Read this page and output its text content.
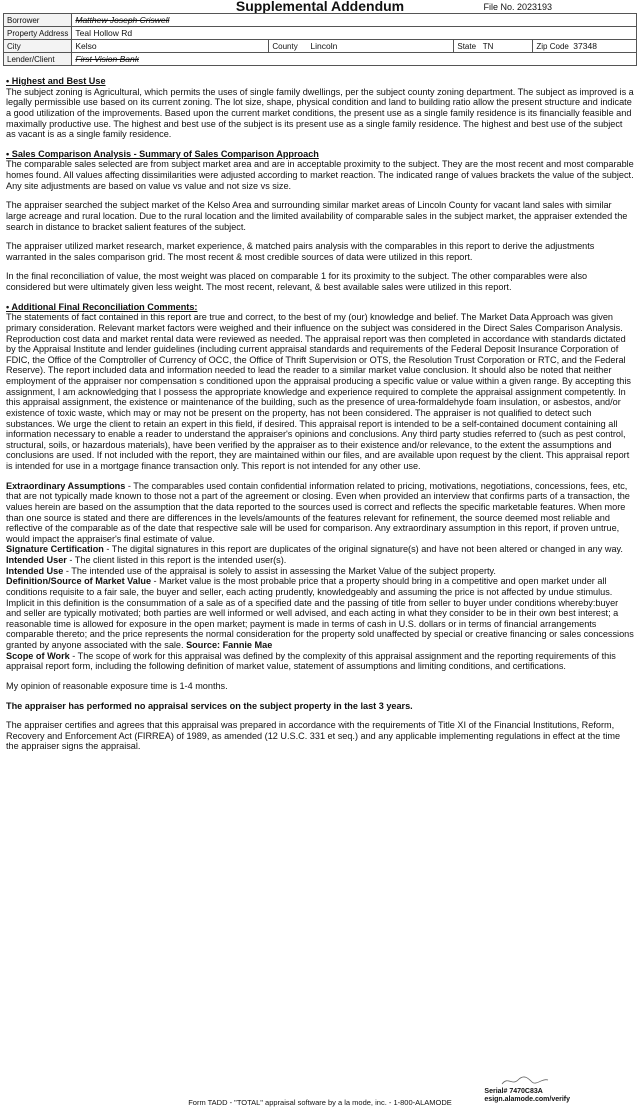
Supplemental Addendum	File No. 2023193
Borrower	Matthew Joseph Criswell				
Property Address	Teal Hollow Rd				
City	Kelso	County	Lincoln	State TN	Zip Code 37348
Lender/Client	First Vision Bank				

• Highest and Best Use
The subject zoning is Agricultural, which permits the uses of single family dwellings, per the subject county zoning department. The subject as improved is a legally permissible use based on its current zoning. The lot size, shape, physical condition and land to building ratio allow the present structure and indicate a good utilization of the improvements. Based upon the current market conditions, the present use as a single family residence is its financially feasible and maximally productive use. The highest and best use of the subject is its present use as a single family residence. The highest and best use of the subject as vacant is as a single family residence.

• Sales Comparison Analysis - Summary of Sales Comparison Approach
The comparable sales selected are from subject market area and are in acceptable proximity to the subject. They are the most recent and most comparable homes found. All values affecting dissimilarities were adjusted according to market reaction. The indicated range of values brackets the value of the subject. Any site adjustments are based on value vs value and not size vs size.

The appraiser searched the subject market of the Kelso Area and surrounding similar market areas of Lincoln County for vacant land sales with similar large acreage and rural location. Due to the rural location and the limited availability of comparable sales in the subject market, the appraiser extended the search in distance to bracket salient features of the subject.

The appraiser utilized market research, market experience, & matched pairs analysis with the comparables in this report to derive the adjustments warranted in the sales comparison grid. The most recent & most credible sources of data were utilized in this report.

In the final reconciliation of value, the most weight was placed on comparable 1 for its proximity to the subject. The other comparables were also considered but were ultimately given less weight. The most recent, relevant, & best available sales were utilized in this report.

• Additional Final Reconciliation Comments:
The statements of fact contained in this report are true and correct, to the best of my (our) knowledge and belief. The Market Data Approach was given primary consideration. Relevant market factors were weighed and their influence on the subject was considered in the Direct Sales Comparison Analysis. Reproduction cost data and market rental data were reviewed as needed. The appraisal report was then completed in accordance with standards dictated by the Appraisal Institute and lender guidelines (including current appraisal standards and requirements of the Federal Deposit Insurance Corporation of FDIC, the Office of the Comptroller of Currency of OCC, the Office of Thrift Supervision or OTS, the Resolution Trust Corporation or RTC, and the Federal Reserve). The report included data and information needed to lead the reader to a similar market value conclusion. It should also be noted that neither employment of the appraiser nor compensation s conditioned upon the appraisal producing a specific value or value within a given range. By accepting this assignment, I am acknowledging that I possess the appropriate knowledge and experience required to complete the appraisal assignment competently. In this appraisal assignment, the existence or maintenance of the building, such as the presence of urea-formaldehyde foam insulation, or asbestos, and/or existence of toxic waste, which may or may not be present on the property, has not been considered. The appraiser is not qualified to detect such substances. We urge the client to retain an expert in this field, if desired. This appraisal report is intended to be a self-contained document containing all information necessary to enable a reader to understand the appraiser's opinions and conclusions. Any third party studies referred to (such as pest control, structural, soils, or hazardous materials), have been verified by the appraiser as to their existence and/or relevance, to the extent the assumptions and conclusions are used. If not included with the report, they are maintained within our files, and are available upon request by the client. This appraisal report is intended for use in a mortgage finance transaction only. This report is not intended for any other use.

Extraordinary Assumptions - The comparables used contain confidential information related to pricing, motivations, negotiations, concessions, fees, etc, that are not typically made known to those not a part of the agreement or closing. Even when provided an interview that confirms parts of a transaction, the values herein are based on the assumption that the data reported to the sources used is correct and reflects the specific marketable features. When more than one source is stated and there are differences in the levels/amounts of the features relevant for refinement, the source deemed most reliable and reflective of the comparable as of the date that respective sale will be used for comparison. Any extraordinary assumption in this report, if proven untrue, would impact the appraiser's final estimate of value.
Signature Certification - The digital signatures in this report are duplicates of the original signature(s) and have not been altered or changed in any way.
Intended User - The client listed in this report is the intended user(s).
Intended Use - The intended use of the appraisal is solely to assist in assessing the Market Value of the subject property.
Definition/Source of Market Value - Market value is the most probable price that a property should bring in a competitive and open market under all conditions requisite to a fair sale, the buyer and seller, each acting prudently, knowledgeably and assuming the price is not affected by undue stimulus. Implicit in this definition is the consummation of a sale as of a specified date and the passing of title from seller to buyer under conditions whereby:buyer and seller are typically motivated; both parties are well informed or well advised, and each acting in what they consider to be in their own best interest; a reasonable time is allowed for exposure in the open market; payment is made in terms of cash in U.S. dollars or in terms of financial arrangements comparable thereto; and the price represents the normal consideration for the property sold unaffected by special or creative financing or sales concessions granted by anyone associated with the sale. Source: Fannie Mae
Scope of Work - The scope of work for this appraisal was defined by the complexity of this appraisal assignment and the reporting requirements of this appraisal report form, including the following definition of market value, statement of assumptions and limiting conditions, and certifications.

My opinion of reasonable exposure time is 1-4 months.

The appraiser has performed no appraisal services on the subject property in the last 3 years.

The appraiser certifies and agrees that this appraisal was prepared in accordance with the requirements of Title XI of the Financial Institutions, Reform, Recovery and Enforcement Act (FIRREA) of 1989, as amended (12 U.S.C. 331 et seq.) and any applicable implementing regulations in effect at the time the appraiser signs the appraisal.

Serial# 7470C83A
esign.alamode.com/verify
Form TADD - "TOTAL" appraisal software by a la mode, inc. - 1-800-ALAMODE
